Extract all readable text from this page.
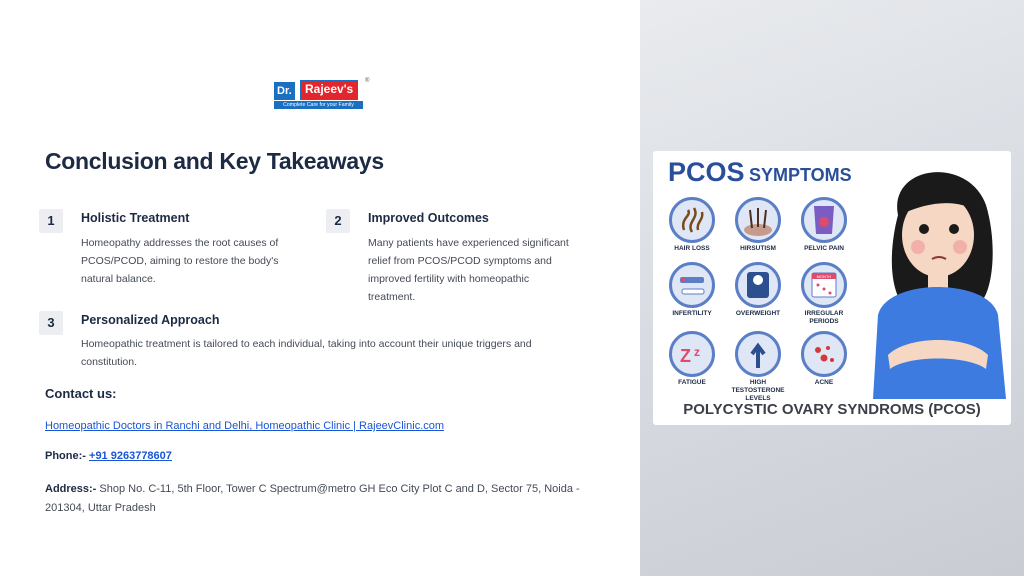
Dr.	Rajeev's
®
Complete Care for your Family
Conclusion and Key Takeaways
1	Holistic Treatment
Homeopathy addresses the root causes of
PCOS/PCOD, aiming to restore the body's
natural balance.
2	Improved Outcomes
Many patients have experienced significant
relief from PCOS/PCOD symptoms and
improved fertility with homeopathic
treatment.
3	Personalized Approach
Homeopathic treatment is tailored to each individual, taking into account their unique triggers and
constitution.
Contact us:
Homeopathic Doctors in Ranchi and Delhi, Homeopathic Clinic | RajeevClinic.com
Phone:- +91 9263778607
Address:- Shop No. C-11, 5th Floor, Tower C Spectrum@metro GH Eco City Plot C and D, Sector 75, Noida - 201304, Uttar Pradesh
PCOS SYMPTOMS
HAIR LOSS	HIRSUTISM	PELVIC PAIN
INFERTILITY	OVERWEIGHT
MONTH
IRREGULAR PERIODS
Z z
FATIGUE	HIGH TESTOSTERONE LEVELS
ACNE
POLYCYSTIC OVARY SYNDROMS (PCOS)
